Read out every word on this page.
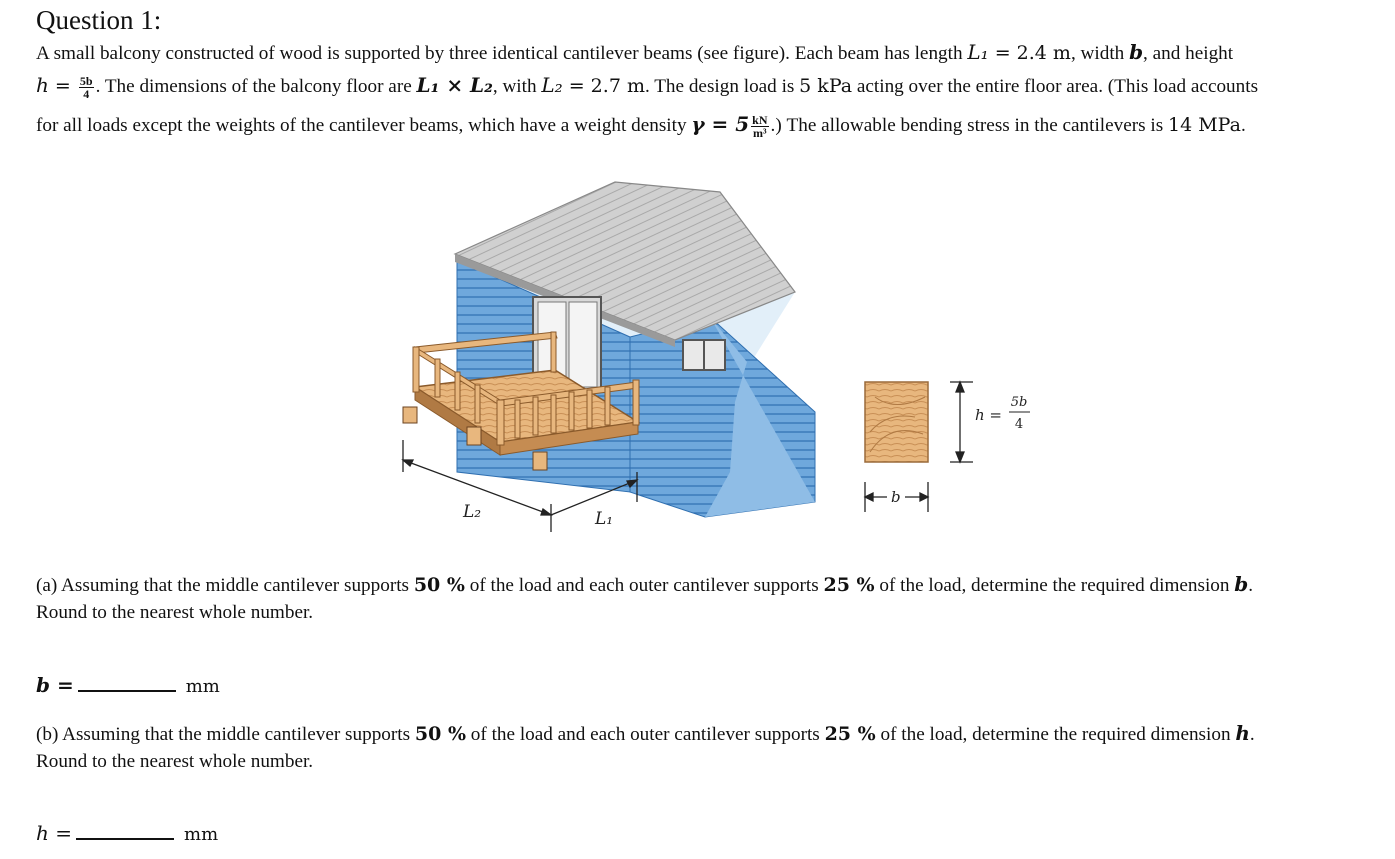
Question 1:
A small balcony constructed of wood is supported by three identical cantilever beams (see figure). Each beam has length L₁ = 2.4 m, width b, and height
$h = \frac{5b}{4}$ . The dimensions of the balcony floor are L₁ × L₂, with L₂ = 2.7 m. The design load is 5 kPa acting over the entire floor area. (This load accounts
for all loads except the weights of the cantilever beams, which have a weight density $\gamma = 5 \frac{kN}{\text{m³}}$ .) The allowable bending stress in the cantilevers is 14 MPa.
L₂	L₁
h =
5b
4
b
(a) Assuming that the middle cantilever supports 50 % of the load and each outer cantilever supports 25 % of the load, determine the required dimension b.
Round to the nearest whole number.
b =	mm
(b) Assuming that the middle cantilever supports 50 % of the load and each outer cantilever supports 25 % of the load, determine the required dimension h.
Round to the nearest whole number.
h =	mm
